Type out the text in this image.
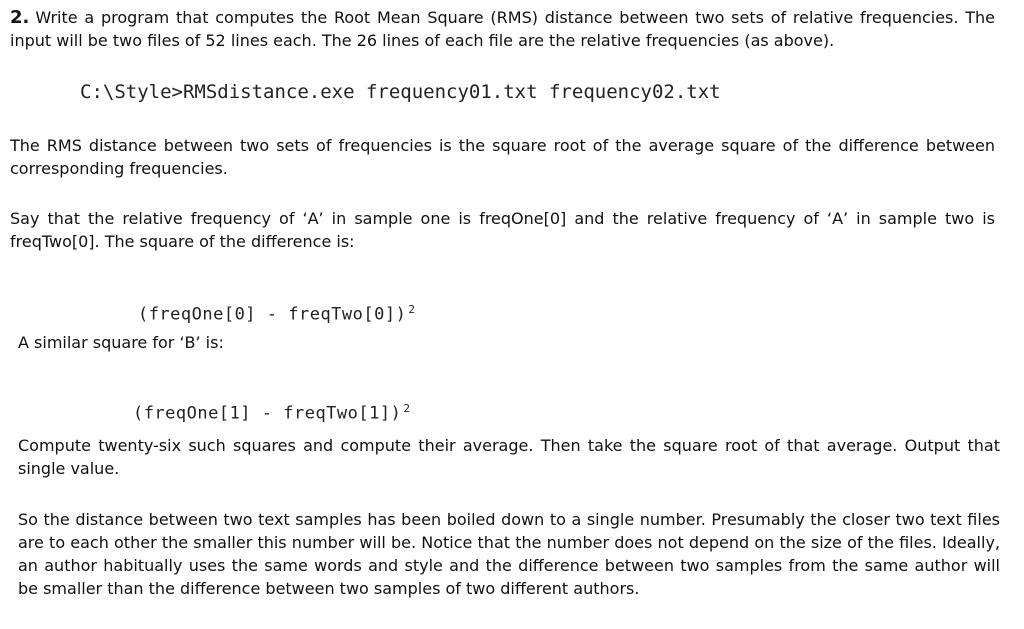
2. Write a program that computes the Root Mean Square (RMS) distance between two sets of relative frequencies. The input will be two files of 52 lines each. The 26 lines of each file are the relative frequencies (as above).

C:\Style>RMSdistance.exe frequency01.txt frequency02.txt

The RMS distance between two sets of frequencies is the square root of the average square of the difference between corresponding frequencies.

Say that the relative frequency of ‘A’ in sample one is freqOne[0] and the relative frequency of ‘A’ in sample two is freqTwo[0]. The square of the difference is:

(freqOne[0] - freqTwo[0]) $^2$

A similar square for ‘B’ is:

(freqOne[1] - freqTwo[1]) $^2$

Compute twenty-six such squares and compute their average. Then take the square root of that average. Output that single value.

So the distance between two text samples has been boiled down to a single number. Presumably the closer two text files are to each other the smaller this number will be. Notice that the number does not depend on the size of the files. Ideally, an author habitually uses the same words and style and the difference between two samples from the same author will be smaller than the difference between two samples of two different authors.
